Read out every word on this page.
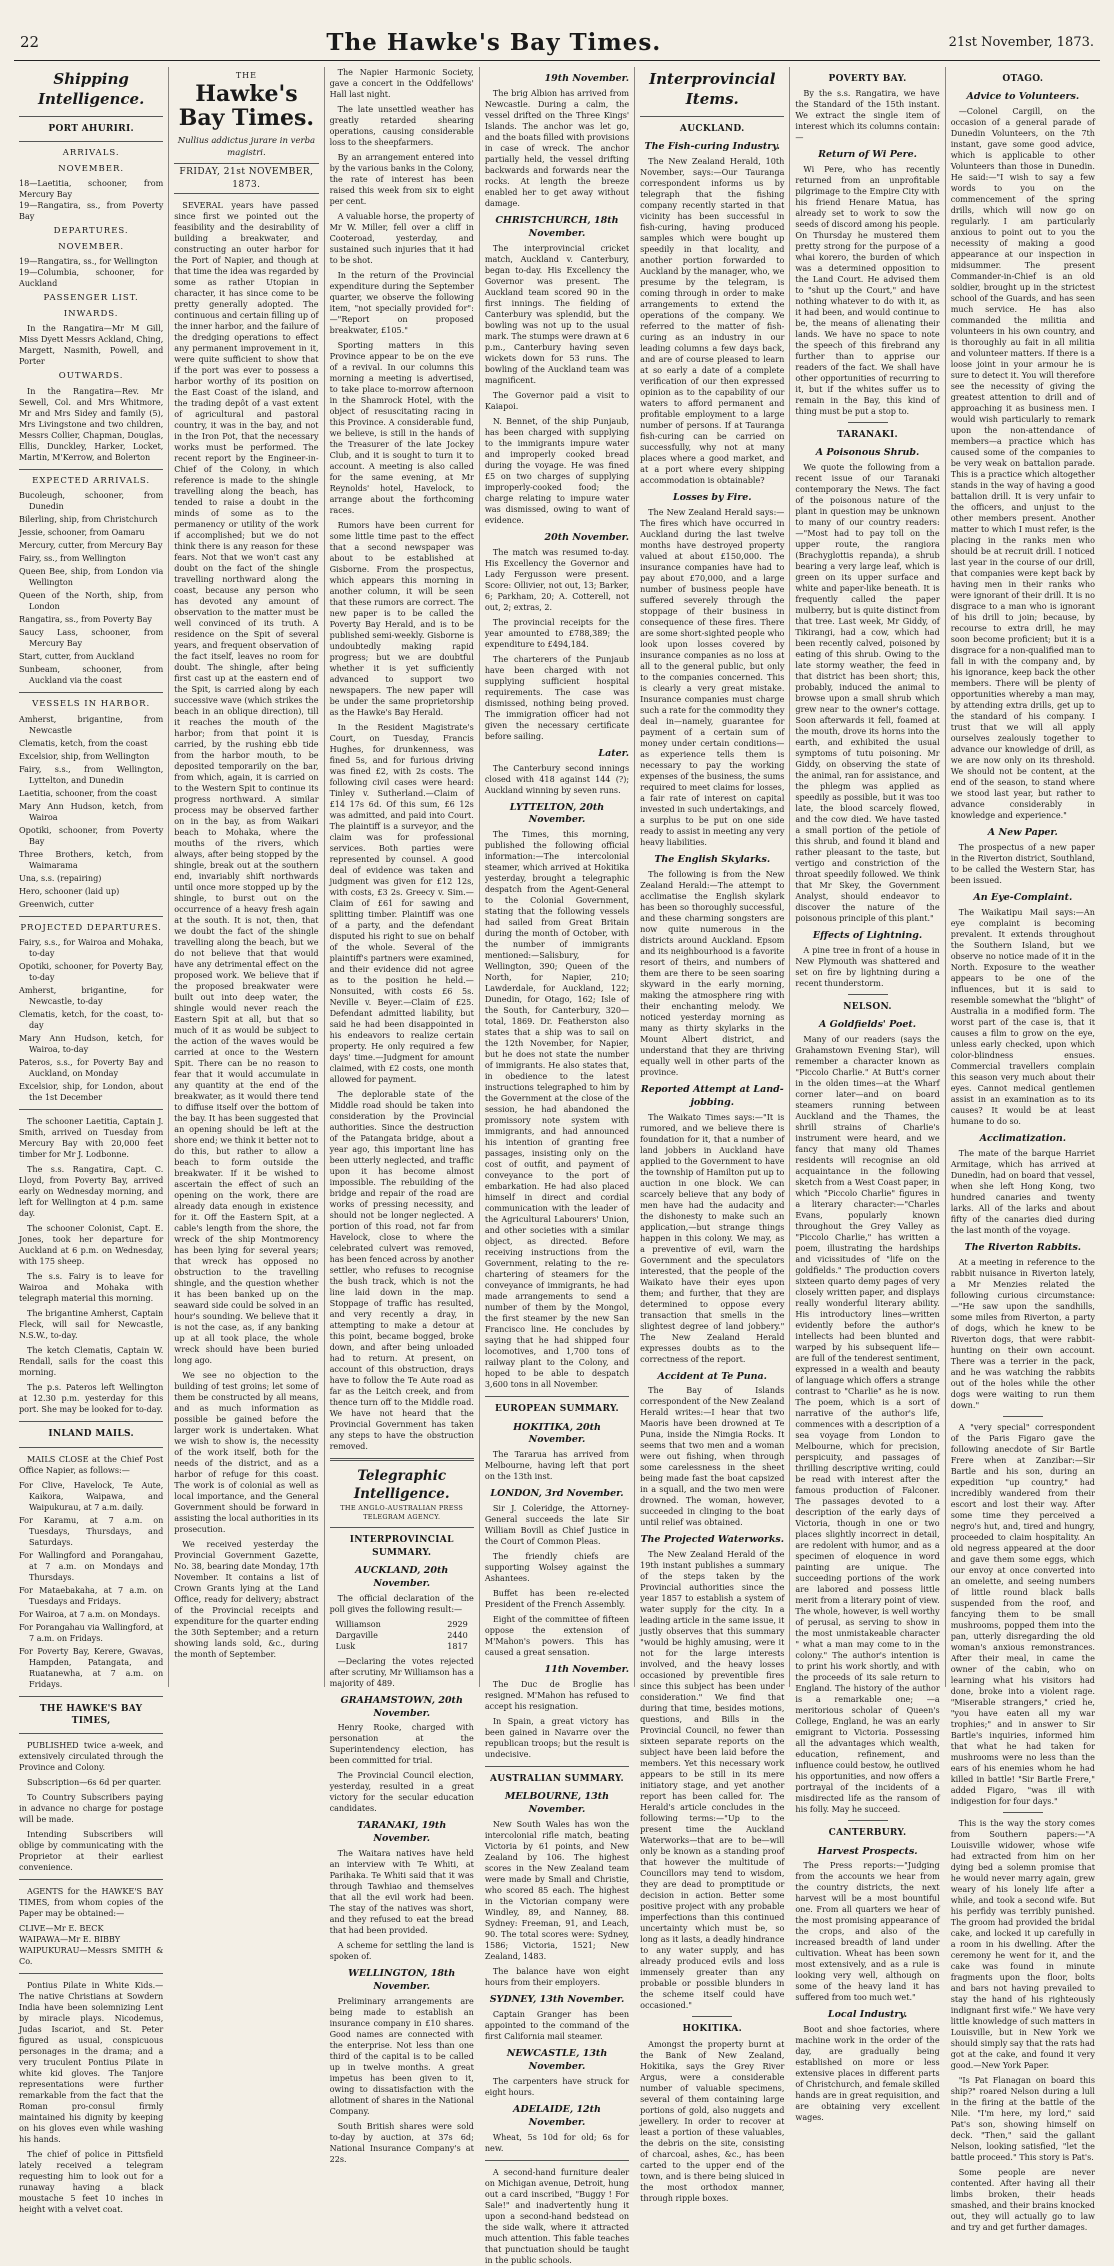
22	The Hawke's Bay Times.	21st November, 1873.
Shipping Intelligence.
PORT AHURIRI.
ARRIVALS.
NOVEMBER.
18—Laetitia, schooner, from Mercury Bay
19—Rangatira, ss., from Poverty Bay
DEPARTURES.
NOVEMBER.
19—Rangatira, ss., for Wellington
19—Columbia, schooner, for Auckland
PASSENGER LIST.
INWARDS.

In the Rangatira—Mr M Gill, Miss Dyett Messrs Ackland, Ching, Margett, Nasmith, Powell, and Porter

OUTWARDS.

In the Rangatira—Rev. Mr Sewell, Col. and Mrs Whitmore, Mr and Mrs Sidey and family (5), Mrs Livingstone and two children, Messrs Collier, Chapman, Douglas, Ellis, Dunckley, Harker, Locket, Martin, M'Kerrow, and Bolerton

EXPECTED ARRIVALS.
Bucoleugh, schooner, from Dunedin
Bilerling, ship, from Christchurch
Jessie, schooner, from Oamaru
Mercury, cutter, from Mercury Bay
Fairy, ss., from Wellington
Queen Bee, ship, from London via Wellington
Queen of the North, ship, from London
Rangatira, ss., from Poverty Bay
Saucy Lass, schooner, from Mercury Bay
Start, cutter, from Auckland
Sunbeam, schooner, from Auckland via the coast
VESSELS IN HARBOR.
Amherst, brigantine, from Newcastle
Clematis, ketch, from the coast
Excelsior, ship, from Wellington
Fairy, s.s., from Wellington, Lyttelton, and Dunedin
Laetitia, schooner, from the coast
Mary Ann Hudson, ketch, from Wairoa
Opotiki, schooner, from Poverty Bay
Three Brothers, ketch, from Waimarama
Una, s.s. (repairing)
Hero, schooner (laid up)
Greenwich, cutter
PROJECTED DEPARTURES.
Fairy, s.s., for Wairoa and Mohaka, to-day
Opotiki, schooner, for Poverty Bay, to-day
Amherst, brigantine, for Newcastle, to-day
Clematis, ketch, for the coast, to-day
Mary Ann Hudson, ketch, for Wairoa, to-day
Pateros, s.s., for Poverty Bay and Auckland, on Monday
Excelsior, ship, for London, about the 1st December

The schooner Laetitia, Captain J. Smith, arrived on Tuesday from Mercury Bay with 20,000 feet timber for Mr J. Lodbonne.

The s.s. Rangatira, Capt. C. Lloyd, from Poverty Bay, arrived early on Wednesday morning, and left for Wellington at 4 p.m. same day.

The schooner Colonist, Capt. E. Jones, took her departure for Auckland at 6 p.m. on Wednesday, with 175 sheep.

The s.s. Fairy is to leave for Wairoa and Mohaka with telegraph material this morning.

The brigantine Amherst, Captain Fleck, will sail for Newcastle, N.S.W., to-day.

The ketch Clematis, Captain W. Rendall, sails for the coast this morning.

The p.s. Pateros left Wellington at 12.30 p.m. yesterday for this port. She may be looked for to-day.

INLAND MAILS.

MAILS CLOSE at the Chief Post Office Napier, as follows:—

For Clive, Havelock, Te Aute, Kaikora, Waipawa, and Waipukurau, at 7 a.m. daily.
For Karamu, at 7 a.m. on Tuesdays, Thursdays, and Saturdays.
For Wallingford and Porangahau, at 7 a.m. on Mondays and Thursdays.
For Mataebakaha, at 7 a.m. on Tuesdays and Fridays.
For Wairoa, at 7 a.m. on Mondays.
For Porangahau via Wallingford, at 7 a.m. on Fridays.
For Poverty Bay, Kerere, Gwavas, Hampden, Patangata, and Ruatanewha, at 7 a.m. on Fridays.
THE HAWKE'S BAY TIMES,

PUBLISHED twice a-week, and extensively circulated through the Province and Colony.

Subscription—6s 6d per quarter.

To Country Subscribers paying in advance no charge for postage will be made.

Intending Subscribers will oblige by communicating with the Proprietor at their earliest convenience.

AGENTS for the HAWKE'S BAY TIMES, from whom copies of the Paper may be obtained:—

CLIVE—Mr E. BECK
WAIPAWA—Mr E. BIBBY
WAIPUKURAU—Messrs SMITH & Co.

Pontius Pilate in White Kids.—The native Christians at Sowdern India have been solemnizing Lent by miracle plays. Nicodemus, Judas Iscariot, and St. Peter figured as usual, conspicuous personages in the drama; and a very truculent Pontius Pilate in white kid gloves. The Tanjore representations were further remarkable from the fact that the Roman pro-consul firmly maintained his dignity by keeping on his gloves even while washing his hands.

The chief of police in Pittsfield lately received a telegram requesting him to look out for a runaway having a black moustache 5 feet 10 inches in height with a velvet coat.

THE
Hawke's Bay Times.
Nullius addictus jurare in verba magistri.
FRIDAY, 21st NOVEMBER, 1873.

SEVERAL years have passed since first we pointed out the feasibility and the desirability of building a breakwater, and constructing an outer harbor for the Port of Napier, and though at that time the idea was regarded by some as rather Utopian in character, it has since come to be pretty generally adopted. The continuous and certain filling up of the inner harbor, and the failure of the dredging operations to effect any permanent improvement in it, were quite sufficient to show that if the port was ever to possess a harbor worthy of its position on the East Coast of the island, and the trading depôt of a vast extent of agricultural and pastoral country, it was in the bay, and not in the Iron Pot, that the necessary works must be performed. The recent report by the Engineer-in-Chief of the Colony, in which reference is made to the shingle travelling along the beach, has tended to raise a doubt in the minds of some as to the permanency or utility of the work if accomplished; but we do not think there is any reason for these fears. Not that we won't cast any doubt on the fact of the shingle travelling northward along the coast, because any person who has devoted any amount of observation to the matter must be well convinced of its truth. A residence on the Spit of several years, and frequent observation of the fact itself, leaves no room for doubt. The shingle, after being first cast up at the eastern end of the Spit, is carried along by each successive wave (which strikes the beach in an oblique direction), till it reaches the mouth of the harbor; from that point it is carried, by the rushing ebb tide from the harbor mouth, to be deposited temporarily on the bar, from which, again, it is carried on to the Western Spit to continue its progress northward. A similar process may be observed farther on in the bay, as from Waikari beach to Mohaka, where the mouths of the rivers, which always, after being stopped by the shingle, break out at the southern end, invariably shift northwards until once more stopped up by the shingle, to burst out on the occurrence of a heavy fresh again at the south. It is not, then, that we doubt the fact of the shingle travelling along the beach, but we do not believe that that would have any detrimental effect on the proposed work. We believe that if the proposed breakwater were built out into deep water, the shingle would never reach the Eastern Spit at all, but that so much of it as would be subject to the action of the waves would be carried at once to the Western Spit. There can be no reason to fear that it would accumulate in any quantity at the end of the breakwater, as it would there tend to diffuse itself over the bottom of the bay. It has been suggested that an opening should be left at the shore end; we think it better not to do this, but rather to allow a beach to form outside the breakwater. If it be wished to ascertain the effect of such an opening on the work, there are already data enough in existence for it. Off the Eastern Spit, at a cable's length from the shore, the wreck of the ship Montmorency has been lying for several years; that wreck has opposed no obstruction to the travelling shingle, and the question whether it has been banked up on the seaward side could be solved in an hour's sounding. We believe that it is not the case, as, if any banking up at all took place, the whole wreck should have been buried long ago.

We see no objection to the building of test groins; let some of them be constructed by all means, and as much information as possible be gained before the larger work is undertaken. What we wish to show is, the necessity of the work itself, both for the needs of the district, and as a harbor of refuge for this coast. The work is of colonial as well as local importance, and the General Government should be forward in assisting the local authorities in its prosecution.

We received yesterday the Provincial Government Gazette, No. 38, bearing date Monday, 17th November. It contains a list of Crown Grants lying at the Land Office, ready for delivery; abstract of the Provincial receipts and expenditure for the quarter ending the 30th September; and a return showing lands sold, &c., during the month of September.

The Napier Harmonic Society, gave a concert in the Oddfellows' Hall last night.

The late unsettled weather has greatly retarded shearing operations, causing considerable loss to the sheepfarmers.

By an arrangement entered into by the various banks in the Colony, the rate of interest has been raised this week from six to eight per cent.

A valuable horse, the property of Mr W. Miller, fell over a cliff in Cooteroad, yesterday, and sustained such injuries that it had to be shot.

In the return of the Provincial expenditure during the September quarter, we observe the following item, "not specially provided for":—"Report on proposed breakwater, £105."

Sporting matters in this Province appear to be on the eve of a revival. In our columns this morning a meeting is advertised, to take place to-morrow afternoon in the Shamrock Hotel, with the object of resuscitating racing in this Province. A considerable fund, we believe, is still in the hands of the Treasurer of the late Jockey Club, and it is sought to turn it to account. A meeting is also called for the same evening, at Mr Reynolds' hotel, Havelock, to arrange about the forthcoming races.

Rumors have been current for some little time past to the effect that a second newspaper was about to be established at Gisborne. From the prospectus, which appears this morning in another column, it will be seen that these rumors are correct. The new paper is to be called the Poverty Bay Herald, and is to be published semi-weekly. Gisborne is undoubtedly making rapid progress; but we are doubtful whether it is yet sufficiently advanced to support two newspapers. The new paper will be under the same proprietorship as the Hawke's Bay Herald.

In the Resident Magistrate's Court, on Tuesday, Francis Hughes, for drunkenness, was fined 5s, and for furious driving was fined £2, with 2s costs. The following civil cases were heard: Tinley v. Sutherland.—Claim of £14 17s 6d. Of this sum, £6 12s was admitted, and paid into Court. The plaintiff is a surveyor, and the claim was for professional services. Both parties were represented by counsel. A good deal of evidence was taken and judgment was given for £12 12s, with costs, £3 2s. Greecy v. Sim.—Claim of £61 for sawing and splitting timber. Plaintiff was one of a party, and the defendant disputed his right to sue on behalf of the whole. Several of the plaintiff's partners were examined, and their evidence did not agree as to the position he held.—Nonsuited, with costs £6 5s. Neville v. Beyer.—Claim of £25. Defendant admitted liability, but said he had been disappointed in his endeavors to realize certain property. He only required a few days' time.—Judgment for amount claimed, with £2 costs, one month allowed for payment.

The deplorable state of the Middle road should be taken into consideration by the Provincial authorities. Since the destruction of the Patangata bridge, about a year ago, this important line has been utterly neglected, and traffic upon it has become almost impossible. The rebuilding of the bridge and repair of the road are works of pressing necessity, and should not be longer neglected. A portion of this road, not far from Havelock, close to where the celebrated culvert was removed, has been fenced across by another settler, who refuses to recognise the bush track, which is not the line laid down in the map. Stoppage of traffic has resulted, and very recently a dray, in attempting to make a detour at this point, became bogged, broke down, and after being unloaded had to return. At present, on account of this obstruction, drays have to follow the Te Aute road as far as the Leitch creek, and from thence turn off to the Middle road. We have not heard that the Provincial Government has taken any steps to have the obstruction removed.

Telegraphic Intelligence.
THE ANGLO-AUSTRALIAN PRESS TELEGRAM AGENCY.
INTERPROVINCIAL SUMMARY.
AUCKLAND, 20th November.

The official declaration of the poll gives the following result:—

Williamson	2929
Dargaville	2440
Lusk	1817

—Declaring the votes rejected after scrutiny, Mr Williamson has a majority of 489.

GRAHAMSTOWN, 20th November.

Henry Rooke, charged with personation at the Superintendency election, has been committed for trial.

The Provincial Council election, yesterday, resulted in a great victory for the secular education candidates.

TARANAKI, 19th November.

The Waitara natives have held an interview with Te Whiti, at Parihaka. Te Whiti said that it was through Tawhiao and themselves that all the evil work had been. The stay of the natives was short, and they refused to eat the bread that had been provided.

A scheme for settling the land is spoken of.

WELLINGTON, 18th November.

Preliminary arrangements are being made to establish an insurance company in £10 shares. Good names are connected with the enterprise. Not less than one third of the capital is to be called up in twelve months. A great impetus has been given to it, owing to dissatisfaction with the allotment of shares in the National Company.

South British shares were sold to-day by auction, at 37s 6d; National Insurance Company's at 22s.

19th November.

The brig Albion has arrived from Newcastle. During a calm, the vessel drifted on the Three Kings' Islands. The anchor was let go, and the boats filled with provisions in case of wreck. The anchor partially held, the vessel drifting backwards and forwards near the rocks. At length the breeze enabled her to get away without damage.

CHRISTCHURCH, 18th November.

The interprovincial cricket match, Auckland v. Canterbury, began to-day. His Excellency the Governor was present. The Auckland team scored 90 in the first innings. The fielding of Canterbury was splendid, but the bowling was not up to the usual mark. The stumps were drawn at 6 p.m., Canterbury having seven wickets down for 53 runs. The bowling of the Auckland team was magnificent.

The Governor paid a visit to Kaiapoi.

N. Bennet, of the ship Punjaub, has been charged with supplying to the immigrants impure water and improperly cooked bread during the voyage. He was fined £5 on two charges of supplying improperly-cooked food; the charge relating to impure water was dismissed, owing to want of evidence.

20th November.

The match was resumed to-day. His Excellency the Governor and Lady Fergusson were present. Score: Ollivier, not out, 13; Barker, 6; Parkham, 20; A. Cotterell, not out, 2; extras, 2.

The provincial receipts for the year amounted to £788,389; the expenditure to £494,184.

The charterers of the Punjaub have been charged with not supplying sufficient hospital requirements. The case was dismissed, nothing being proved. The immigration officer had not given the necessary certificate before sailing.

Later.

The Canterbury second innings closed with 418 against 144 (?); Auckland winning by seven runs.

LYTTELTON, 20th November.

The Times, this morning, published the following official information:—The intercolonial steamer, which arrived at Hokitika yesterday, brought a telegraphic despatch from the Agent-General to the Colonial Government, stating that the following vessels had sailed from Great Britain during the month of October, with the number of immigrants mentioned:—Salisbury, for Wellington, 390; Queen of the North, for Napier, 210; Lawderdale, for Auckland, 122; Dunedin, for Otago, 162; Isle of the South, for Canterbury, 320—total, 1869. Dr. Featherston also states that a ship was to sail on the 12th November, for Napier, but he does not state the number of immigrants. He also states that, in obedience to the latest instructions telegraphed to him by the Government at the close of the session, he had abandoned the promissory note system with immigrants, and had announced his intention of granting free passages, insisting only on the cost of outfit, and payment of conveyance to the port of embarkation. He had also placed himself in direct and cordial communication with the leader of the Agricultural Labourers' Union, and other societies with a similar object, as directed. Before receiving instructions from the Government, relating to the re-chartering of steamers for the conveyance of immigrants, he had made arrangements to send a number of them by the Mongol, the first steamer by the new San Francisco line. He concludes by saying that he had shipped four locomotives, and 1,700 tons of railway plant to the Colony, and hoped to be able to despatch 3,600 tons in all November.

EUROPEAN SUMMARY.
HOKITIKA, 20th November.

The Tararua has arrived from Melbourne, having left that port on the 13th inst.

LONDON, 3rd November.

Sir J. Coleridge, the Attorney-General succeeds the late Sir William Bovill as Chief Justice in the Court of Common Pleas.

The friendly chiefs are supporting Wolsey against the Ashantees.

Buffet has been re-elected President of the French Assembly.

Eight of the committee of fifteen oppose the extension of M'Mahon's powers. This has caused a great sensation.

11th November.

The Duc de Broglie has resigned. M'Mahon has refused to accept his resignation.

In Spain, a great victory has been gained in Navarre over the republican troops; but the result is undecisive.

AUSTRALIAN SUMMARY.
MELBOURNE, 13th November.

New South Wales has won the intercolonial rifle match, beating Victoria by 61 points, and New Zealand by 106. The highest scores in the New Zealand team were made by Small and Christie, who scored 85 each. The highest in the Victorian company were Windley, 89, and Nanney, 88. Sydney: Freeman, 91, and Leach, 90. The total scores were: Sydney, 1586; Victoria, 1521; New Zealand, 1483.

The balance have won eight hours from their employers.

SYDNEY, 13th November.

Captain Granger has been appointed to the command of the first California mail steamer.

NEWCASTLE, 13th November.

The carpenters have struck for eight hours.

ADELAIDE, 12th November.

Wheat, 5s 10d for old; 6s for new.

A second-hand furniture dealer on Michigan avenue, Detroit, hung out a card inscribed, "Buggy ! For Sale!" and inadvertently hung it upon a second-hand bedstead on the side walk, where it attracted much attention. This fable teaches that punctuation should be taught in the public schools.

Interprovincial Items.
AUCKLAND.
The Fish-curing Industry.

The New Zealand Herald, 10th November, says:—Our Tauranga correspondent informs us by telegraph that the fishing company recently started in that vicinity has been successful in fish-curing, having produced samples which were bought up speedily in that locality, and another portion forwarded to Auckland by the manager, who, we presume by the telegram, is coming through in order to make arrangements to extend the operations of the company. We referred to the matter of fish-curing as an industry in our leading columns a few days back, and are of course pleased to learn at so early a date of a complete verification of our then expressed opinion as to the capability of our waters to afford permanent and profitable employment to a large number of persons. If at Tauranga fish-curing can be carried on successfully, why not at many places where a good market, and at a port where every shipping accommodation is obtainable?

Losses by Fire.

The New Zealand Herald says:—The fires which have occurred in Auckland during the last twelve months have destroyed property valued at about £150,000. The insurance companies have had to pay about £70,000, and a large number of business people have suffered severely through the stoppage of their business in consequence of these fires. There are some short-sighted people who look upon losses covered by insurance companies as no loss at all to the general public, but only to the companies concerned. This is clearly a very great mistake. Insurance companies must charge such a rate for the commodity they deal in—namely, guarantee for payment of a certain sum of money under certain conditions—as experience tells them is necessary to pay the working expenses of the business, the sums required to meet claims for losses, a fair rate of interest on capital invested in such undertakings, and a surplus to be put on one side ready to assist in meeting any very heavy liabilities.

The English Skylarks.

The following is from the New Zealand Herald:—The attempt to acclimatise the English skylark has been so thoroughly successful, and these charming songsters are now quite numerous in the districts around Auckland. Epsom and its neighbourhood is a favorite resort of theirs, and numbers of them are there to be seen soaring skyward in the early morning, making the atmosphere ring with their enchanting melody. We noticed yesterday morning as many as thirty skylarks in the Mount Albert district, and understand that they are thriving equally well in other parts of the province.

Reported Attempt at Land-jobbing.

The Waikato Times says:—"It is rumored, and we believe there is foundation for it, that a number of land jobbers in Auckland have applied to the Government to have the township of Hamilton put up to auction in one block. We can scarcely believe that any body of men have had the audacity and the dishonesty to make such an application,—but strange things happen in this colony. We may, as a preventive of evil, warn the Government and the speculators interested, that the people of the Waikato have their eyes upon them; and further, that they are determined to oppose every transaction that smells in the slightest degree of land jobbery." The New Zealand Herald expresses doubts as to the correctness of the report.

Accident at Te Puna.

The Bay of Islands correspondent of the New Zealand Herald writes:—I hear that two Maoris have been drowned at Te Puna, inside the Nimgia Rocks. It seems that two men and a woman were out fishing, when through some carelessness in the sheet being made fast the boat capsized in a squall, and the two men were drowned. The woman, however, succeeded in clinging to the boat until relief was obtained.

The Projected Waterworks.

The New Zealand Herald of the 19th instant publishes a summary of the steps taken by the Provincial authorities since the year 1857 to establish a system of water supply for the city. In a leading article in the same issue, it justly observes that this summary "would be highly amusing, were it not for the large interests involved, and the heavy losses occasioned by preventible fires since this subject has been under consideration." We find that during that time, besides motions, questions, and Bills in the Provincial Council, no fewer than sixteen separate reports on the subject have been laid before the members. Yet this necessary work appears to be still in its mere initiatory stage, and yet another report has been called for. The Herald's article concludes in the following terms:—"Up to the present time the Auckland Waterworks—that are to be—will only be known as a standing proof that however the multitude of Councillors may tend to wisdom, they are dead to promptitude or decision in action. Better some positive project with any probable imperfections than this continued uncertainty which must be, so long as it lasts, a deadly hindrance to any water supply, and has already produced evils and loss immensely greater than any probable or possible blunders in the scheme itself could have occasioned."

HOKITIKA.

Amongst the property burnt at the Bank of New Zealand, Hokitika, says the Grey River Argus, were a considerable number of valuable specimens, several of them containing large portions of gold, also nuggets and jewellery. In order to recover at least a portion of these valuables, the debris on the site, consisting of charcoal, ashes, &c., has been carted to the upper end of the town, and is there being sluiced in the most orthodox manner, through ripple boxes.

POVERTY BAY.

By the s.s. Rangatira, we have the Standard of the 15th instant. We extract the single item of interest which its columns contain:—

Return of Wi Pere.

Wi Pere, who has recently returned from an unprofitable pilgrimage to the Empire City with his friend Henare Matua, has already set to work to sow the seeds of discord among his people. On Thursday he mustered them pretty strong for the purpose of a whai korero, the burden of which was a determined opposition to the Land Court. He advised them to "shut up the Court," and have nothing whatever to do with it, as it had been, and would continue to be, the means of alienating their lands. We have no space to note the speech of this firebrand any further than to apprise our readers of the fact. We shall have other opportunities of recurring to it, but if the whites suffer us to remain in the Bay, this kind of thing must be put a stop to.

TARANAKI.
A Poisonous Shrub.

We quote the following from a recent issue of our Taranaki contemporary the News. The fact of the poisonous nature of the plant in question may be unknown to many of our country readers:—"Most had to pay toll on the upper route, the rangiora (Brachyglottis repanda), a shrub bearing a very large leaf, which is green on its upper surface and white and paper-like beneath. It is frequently called the paper mulberry, but is quite distinct from that tree. Last week, Mr Giddy, of Tikirangi, had a cow, which had been recently calved, poisoned by eating of this shrub. Owing to the late stormy weather, the feed in that district has been short; this, probably, induced the animal to browse upon a small shrub which grew near to the owner's cottage. Soon afterwards it fell, foamed at the mouth, drove its horns into the earth, and exhibited the usual symptoms of tutu poisoning. Mr Giddy, on observing the state of the animal, ran for assistance, and the phlegm was applied as speedily as possible, but it was too late, the blood scarcely flowed, and the cow died. We have tasted a small portion of the petiole of this shrub, and found it bland and rather pleasant to the taste, but vertigo and constriction of the throat speedily followed. We think that Mr Skey, the Government Analyst, should endeavor to discover the nature of the poisonous principle of this plant."

Effects of Lightning.

A pine tree in front of a house in New Plymouth was shattered and set on fire by lightning during a recent thunderstorm.

NELSON.
A Goldfields' Poet.

Many of our readers (says the Grahamstown Evening Star), will remember a character known as "Piccolo Charlie." At Butt's corner in the olden times—at the Wharf corner later—and on board steamers running between Auckland and the Thames, the shrill strains of Charlie's instrument were heard, and we fancy that many old Thames residents will recognise an old acquaintance in the following sketch from a West Coast paper, in which "Piccolo Charlie" figures in a literary character:—"Charles Evans, popularly known throughout the Grey Valley as "Piccolo Charlie," has written a poem, illustrating the hardships and vicissitudes of "life on the goldfields." The production covers sixteen quarto demy pages of very closely written paper, and displays really wonderful literary ability. His introductory lines—written evidently before the author's intellects had been blunted and warped by his subsequent life—are full of the tenderest sentiment, expressed in a wealth and beauty of language which offers a strange contrast to "Charlie" as he is now. The poem, which is a sort of narrative of the author's life, commences with a description of a sea voyage from London to Melbourne, which for precision, perspicuity, and passages of thrilling descriptive writing, could be read with interest after the famous production of Falconer. The passages devoted to a description of the early days of Victoria, though in one or two places slightly incorrect in detail, are redolent with humor, and as a specimen of eloquence in word painting are unique. The succeeding portions of the work are labored and possess little merit from a literary point of view. The whole, however, is well worthy of perusal, as serving to show in the most unmistakeable character " what a man may come to in the colony." The author's intention is to print his work shortly, and with the proceeds of its sale return to England. The history of the author is a remarkable one; —a meritorious scholar of Queen's College, England, he was an early emigrant to Victoria. Possessing all the advantages which wealth, education, refinement, and influence could bestow, he outlived his opportunities, and now offers a portrayal of the incidents of a misdirected life as the ransom of his folly. May he succeed.

CANTERBURY.
Harvest Prospects.

The Press reports:—"Judging from the accounts we hear from the country districts, the next harvest will be a most bountiful one. From all quarters we hear of the most promising appearance of the crops, and also of the increased breadth of land under cultivation. Wheat has been sown most extensively, and as a rule is looking very well, although on some of the heavy land it has suffered from too much wet."

Local Industry.

Boot and shoe factories, where machine work in the order of the day, are gradually being established on more or less extensive places in different parts of Christchurch, and female skilled hands are in great requisition, and are obtaining very excellent wages.

OTAGO.
Advice to Volunteers.

—Colonel Cargill, on the occasion of a general parade of Dunedin Volunteers, on the 7th instant, gave some good advice, which is applicable to other Volunteers than those in Dunedin. He said:—"I wish to say a few words to you on the commencement of the spring drills, which will now go on regularly. I am particularly anxious to point out to you the necessity of making a good appearance at our inspection in midsummer. The present Commander-in-Chief is an old soldier, brought up in the strictest school of the Guards, and has seen much service. He has also commanded the militia and volunteers in his own country, and is thoroughly au fait in all militia and volunteer matters. If there is a loose joint in your armour he is sure to detect it. You will therefore see the necessity of giving the greatest attention to drill and of approaching it as business men. I would wish particularly to remark upon the non-attendance of members—a practice which has caused some of the companies to be very weak on battalion parade. This is a practice which altogether stands in the way of having a good battalion drill. It is very unfair to the officers, and unjust to the other members present. Another matter to which I must refer, is the placing in the ranks men who should be at recruit drill. I noticed last year in the course of our drill, that companies were kept back by having men in their ranks who were ignorant of their drill. It is no disgrace to a man who is ignorant of his drill to join; because, by recourse to extra drill, he may soon become proficient; but it is a disgrace for a non-qualified man to fall in with the company and, by his ignorance, keep back the other members. There will be plenty of opportunities whereby a man may, by attending extra drills, get up to the standard of his company. I trust that we will all apply ourselves zealously together to advance our knowledge of drill, as we are now only on its threshold. We should not be content, at the end of the season, to stand where we stood last year, but rather to advance considerably in knowledge and experience."

A New Paper.

The prospectus of a new paper in the Riverton district, Southland, to be called the Western Star, has been issued.

An Eye-Complaint.

The Waikatipu Mail says:—An eye complaint is becoming prevalent. It extends throughout the Southern Island, but we observe no notice made of it in the North. Exposure to the weather appears to be one of the influences, but it is said to resemble somewhat the "blight" of Australia in a modified form. The worst part of the case is, that it causes a film to grow on the eye, unless early checked, upon which color-blindness ensues. Commercial travellers complain this season very much about their eyes. Cannot medical gentlemen assist in an examination as to its causes? It would be at least humane to do so.

Acclimatization.

The mate of the barque Harriet Armitage, which has arrived at Dunedin, had on board that vessel, when she left Hong Kong, two hundred canaries and twenty larks. All of the larks and about fifty of the canaries died during the last month of the voyage.

The Riverton Rabbits.

At a meeting in reference to the rabbit nuisance in Riverton lately, a Mr Menzies related the following curious circumstance:—"He saw upon the sandhills, some miles from Riverton, a party of dogs, which he knew to be Riverton dogs, that were rabbit-hunting on their own account. There was a terrier in the pack, and he was watching the rabbits out of the holes while the other dogs were waiting to run them down."

A "very special" correspondent of the Paris Figaro gave the following anecdote of Sir Bartle Frere when at Zanzibar:—Sir Bartle and his son, during an expedition "up country," had incredibly wandered from their escort and lost their way. After some time they perceived a negro's hut, and, tired and hungry, proceeded to claim hospitality. An old negress appeared at the door and gave them some eggs, which our envoy at once converted into an omelette, and seeing numbers of little round black balls suspended from the roof, and fancying them to be small mushrooms, popped them into the pan, utterly disregarding the old woman's anxious remonstrances. After their meal, in came the owner of the cabin, who on learning what his visitors had done, broke into a violent rage. "Miserable strangers," cried he, "you have eaten all my war trophies;" and in answer to Sir Bartle's inquiries, informed him that what he had taken for mushrooms were no less than the ears of his enemies whom he had killed in battle! "Sir Bartle Frere," added Figaro, "was ill with indigestion for four days."

This is the way the story comes from Southern papers:—"A Louisville widower, whose wife had extracted from him on her dying bed a solemn promise that he would never marry again, grew weary of his lonely life after a while, and took a second wife. But his perfidy was terribly punished. The groom had provided the bridal cake, and locked it up carefully in a room in his dwelling. After the ceremony he went for it, and the cake was found in minute fragments upon the floor, bolts and bars not having prevailed to stay the hand of his righteously indignant first wife." We have very little knowledge of such matters in Louisville, but in New York we should simply say that the rats had got at the cake, and found it very good.—New York Paper.

"Is Pat Flanagan on board this ship?" roared Nelson during a lull in the firing at the battle of the Nile. "I'm here, my lord," said Pat's son, showing himself on deck. "Then," said the gallant Nelson, looking satisfied, "let the battle proceed." This story is Pat's.

Some people are never contented. After having all their limbs broken, their heads smashed, and their brains knocked out, they will actually go to law and try and get further damages.
